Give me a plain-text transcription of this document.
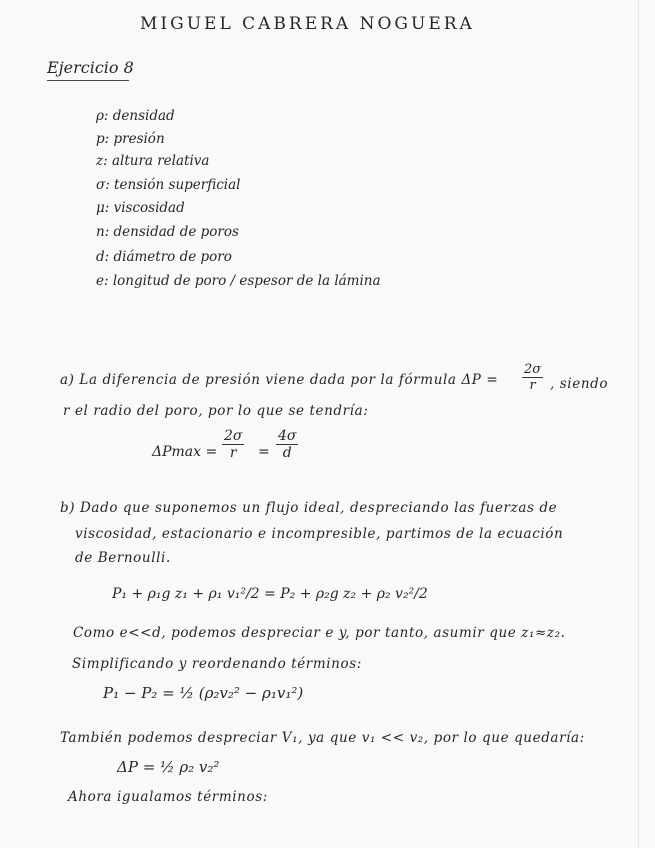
MIGUEL CABRERA NOGUERA
Ejercicio 8
ρ: densidad
p: presión
z: altura relativa
σ: tensión superficial
μ: viscosidad
n: densidad de poros
d: diámetro de poro
e: longitud de poro / espesor de la lámina
a) La diferencia de presión viene dada por la fórmula $\Delta P = \frac{2\sigma}{r}$ , siendo
r el radio del poro, por lo que se tendría:
$\Delta Pmax = \frac{2\sigma}{r} = \frac{4\sigma}{d}$
b) Dado que suponemos un flujo ideal, despreciando las fuerzas de
viscosidad, estacionario e incompresible, partimos de la ecuación
de Bernoulli.
P₁ + ρ₁g z₁ + ρ₁ v₁²/2 = P₂ + ρ₂g z₂ + ρ₂ v₂²/2
Como e<<d, podemos despreciar e y, por tanto, asumir que z₁≈z₂.
Simplificando y reordenando términos:
P₁ − P₂ = ½ (ρ₂v₂² − ρ₁v₁²)
También podemos despreciar V₁, ya que v₁ << v₂, por lo que quedaría:
ΔP = ½ ρ₂ v₂²
Ahora igualamos términos:
